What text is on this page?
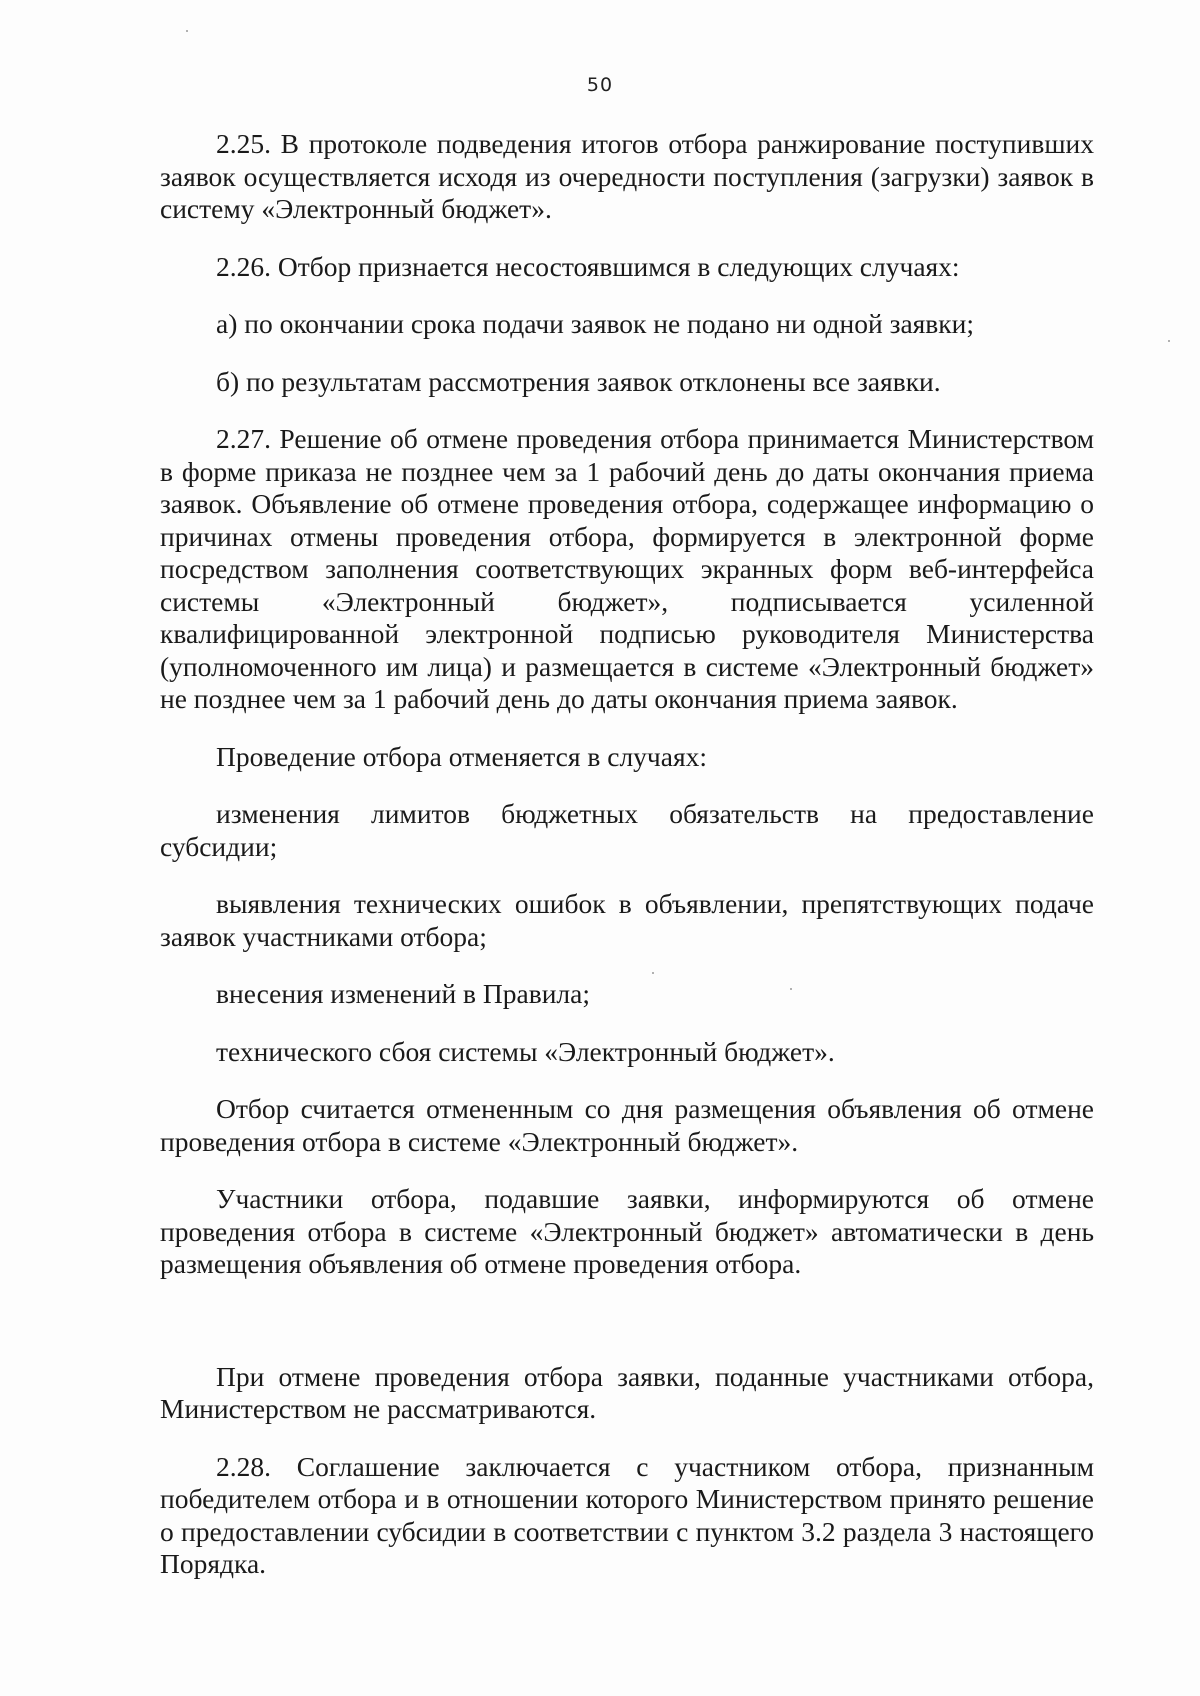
50

2.25. В протоколе подведения итогов отбора ранжирование поступивших заявок осуществляется исходя из очередности поступления (загрузки) заявок в систему «Электронный бюджет».

2.26. Отбор признается несостоявшимся в следующих случаях:

а) по окончании срока подачи заявок не подано ни одной заявки;

б) по результатам рассмотрения заявок отклонены все заявки.

2.27. Решение об отмене проведения отбора принимается Министерством в форме приказа не позднее чем за 1 рабочий день до даты окончания приема заявок. Объявление об отмене проведения отбора, содержащее информацию о причинах отмены проведения отбора, формируется в электронной форме посредством заполнения соответствующих экранных форм веб-интерфейса системы «Электронный бюджет», подписывается усиленной квалифицированной электронной подписью руководителя Министерства (уполномоченного им лица) и размещается в системе «Электронный бюджет» не позднее чем за 1 рабочий день до даты окончания приема заявок.

Проведение отбора отменяется в случаях:

изменения лимитов бюджетных обязательств на предоставление субсидии;

выявления технических ошибок в объявлении, препятствующих подаче заявок участниками отбора;

внесения изменений в Правила;

технического сбоя системы «Электронный бюджет».

Отбор считается отмененным со дня размещения объявления об отмене проведения отбора в системе «Электронный бюджет».

Участники отбора, подавшие заявки, информируются об отмене проведения отбора в системе «Электронный бюджет» автоматически в день размещения объявления об отмене проведения отбора.

При отмене проведения отбора заявки, поданные участниками отбора, Министерством не рассматриваются.

2.28. Соглашение заключается с участником отбора, признанным победителем отбора и в отношении которого Министерством принято решение о предоставлении субсидии в соответствии с пунктом 3.2 раздела 3 настоящего Порядка.
